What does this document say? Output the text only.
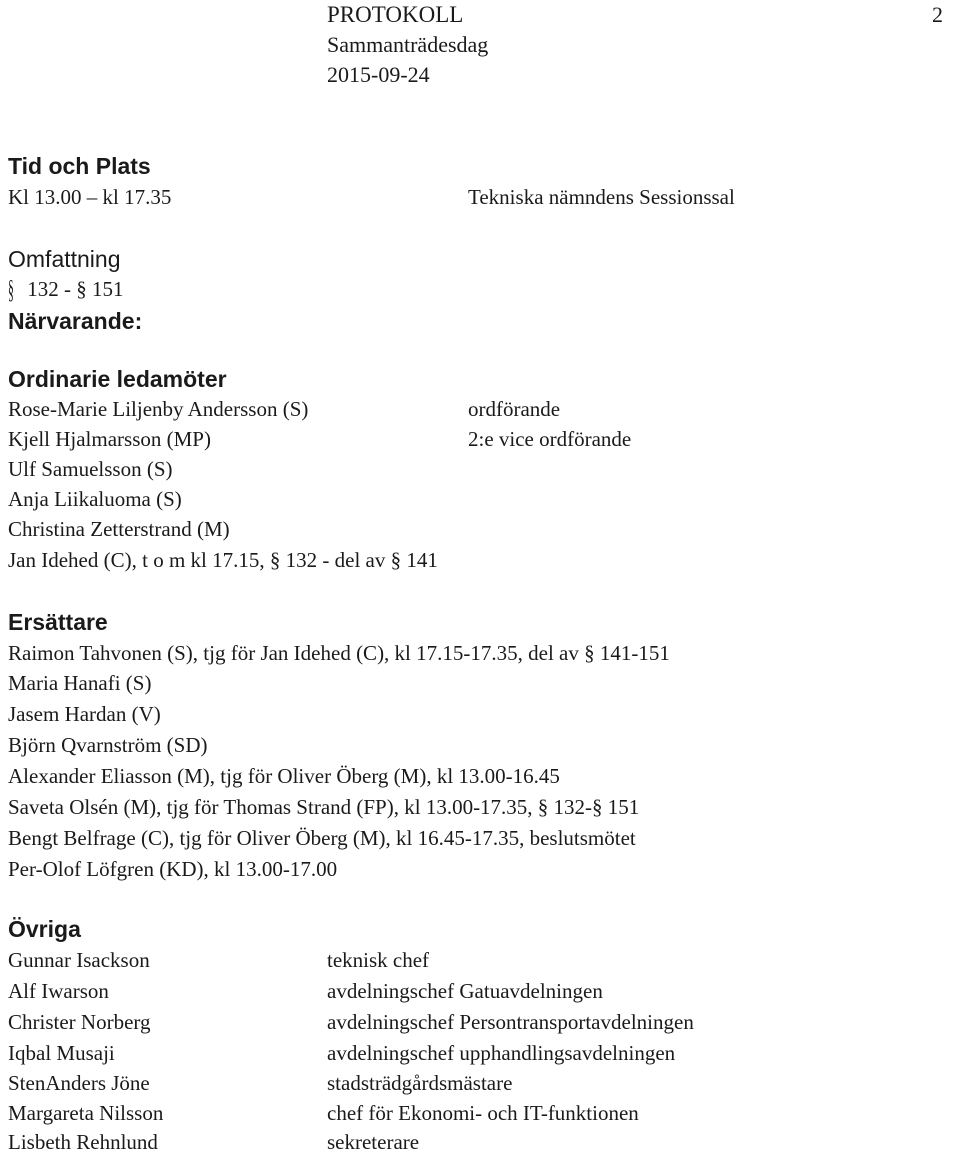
PROTOKOLL
Sammanträdesdag
2015-09-24
2
Tid och Plats
Kl 13.00 – kl 17.35	Tekniska nämndens Sessionssal
Omfattning
§ 132 - § 151
Närvarande:
Ordinarie ledamöter
Rose-Marie Liljenby Andersson (S)	ordförande
Kjell Hjalmarsson (MP)	2:e vice ordförande
Ulf Samuelsson (S)
Anja Liikaluoma (S)
Christina Zetterstrand (M)
Jan Idehed (C), t o m kl 17.15, § 132 - del av § 141
Ersättare
Raimon Tahvonen (S), tjg för Jan Idehed (C), kl 17.15-17.35, del av § 141-151
Maria Hanafi (S)
Jasem Hardan (V)
Björn Qvarnström (SD)
Alexander Eliasson (M), tjg för Oliver Öberg (M), kl 13.00-16.45
Saveta Olsén (M), tjg för Thomas Strand (FP), kl 13.00-17.35, § 132-§ 151
Bengt Belfrage (C), tjg för Oliver Öberg (M), kl 16.45-17.35, beslutsmötet
Per-Olof Löfgren (KD), kl 13.00-17.00
Övriga
Gunnar Isackson	teknisk chef
Alf Iwarson	avdelningschef Gatuavdelningen
Christer Norberg	avdelningschef Persontransportavdelningen
Iqbal Musaji	avdelningschef upphandlingsavdelningen
StenAnders Jöne	stadsträdgårdsmästare
Margareta Nilsson	chef för Ekonomi- och IT-funktionen
Lisbeth Rehnlund	sekreterare
